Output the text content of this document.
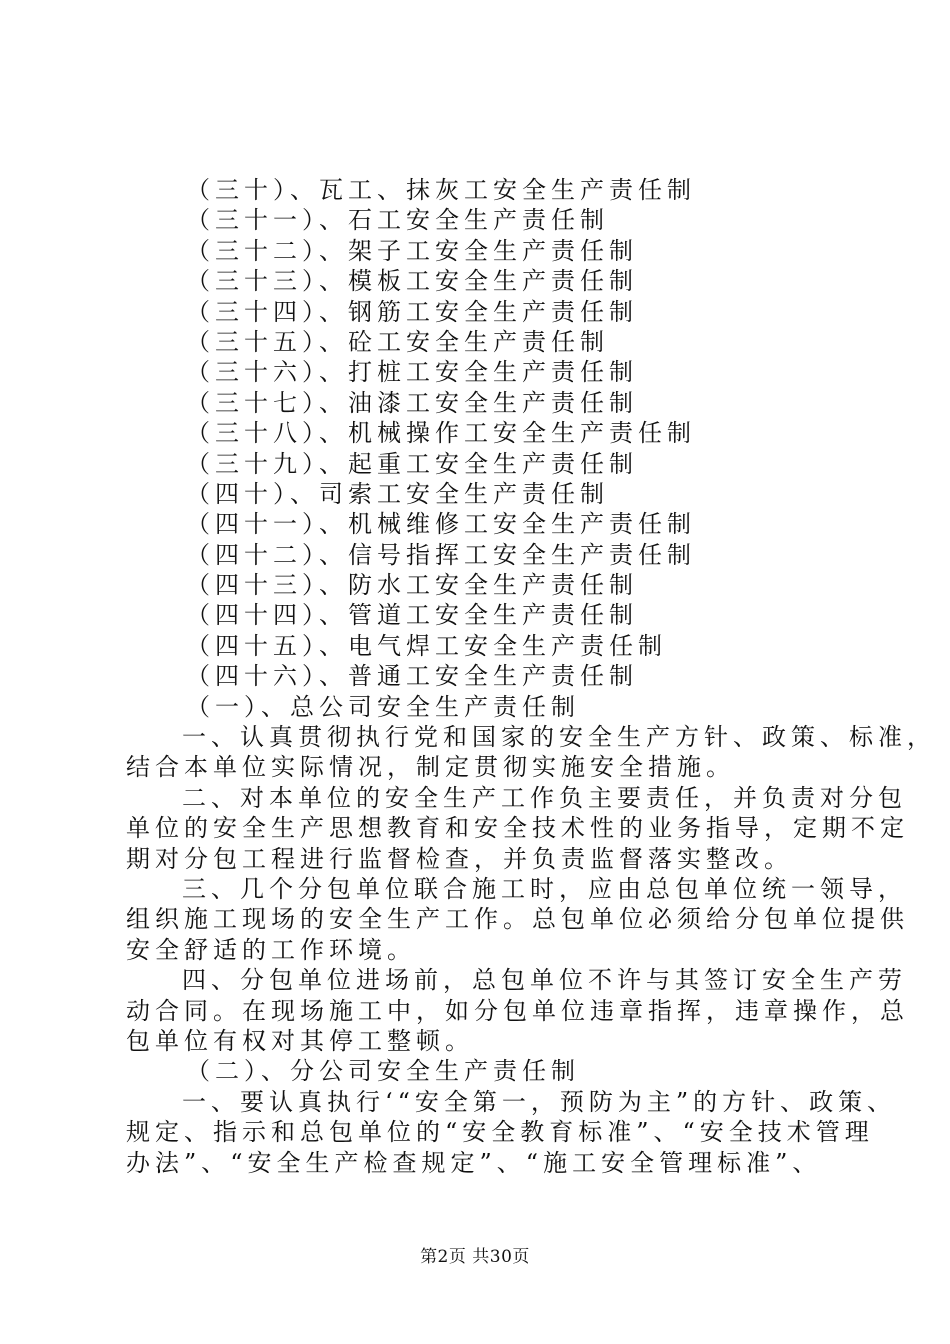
（三十）、瓦工、抹灰工安全生产责任制
（三十一）、石工安全生产责任制
（三十二）、架子工安全生产责任制
（三十三）、模板工安全生产责任制
（三十四）、钢筋工安全生产责任制
（三十五）、砼工安全生产责任制
（三十六）、打桩工安全生产责任制
（三十七）、油漆工安全生产责任制
（三十八）、机械操作工安全生产责任制
（三十九）、起重工安全生产责任制
（四十）、司索工安全生产责任制
（四十一）、机械维修工安全生产责任制
（四十二）、信号指挥工安全生产责任制
（四十三）、防水工安全生产责任制
（四十四）、管道工安全生产责任制
（四十五）、电气焊工安全生产责任制
（四十六）、普通工安全生产责任制
（一）、总公司安全生产责任制
一、认真贯彻执行党和国家的安全生产方针、政策、标准，
结合本单位实际情况，制定贯彻实施安全措施。
二、对本单位的安全生产工作负主要责任，并负责对分包
单位的安全生产思想教育和安全技术性的业务指导，定期不定
期对分包工程进行监督检查，并负责监督落实整改。
三、几个分包单位联合施工时，应由总包单位统一领导，
组织施工现场的安全生产工作。总包单位必须给分包单位提供
安全舒适的工作环境。
四、分包单位进场前，总包单位不许与其签订安全生产劳
动合同。在现场施工中，如分包单位违章指挥，违章操作，总
包单位有权对其停工整顿。
（二）、分公司安全生产责任制
一、要认真执行‘“安全第一，预防为主”的方针、政策、
规定、指示和总包单位的“安全教育标准”、“安全技术管理
办法”、“安全生产检查规定”、“施工安全管理标准”、
第2页 共30页
